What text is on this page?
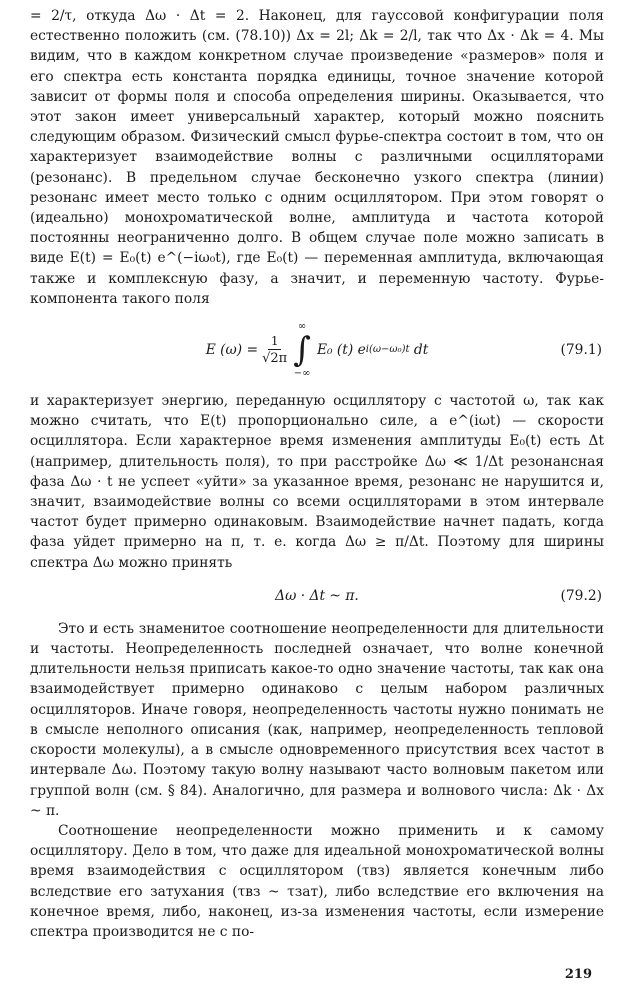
= 2/τ, откуда Δω · Δt = 2. Наконец, для гауссовой конфигурации поля естественно положить (см. (78.10)) Δx = 2l; Δk = 2/l, так что Δx · Δk = 4. Мы видим, что в каждом конкретном случае произведение «размеров» поля и его спектра есть константа порядка единицы, точное значение которой зависит от формы поля и способа определения ширины. Оказывается, что этот закон имеет универсальный характер, который можно пояснить следующим образом. Физический смысл фурье-спектра состоит в том, что он характеризует взаимодействие волны с различными осцилляторами (резонанс). В предельном случае бесконечно узкого спектра (линии) резонанс имеет место только с одним осциллятором. При этом говорят о (идеально) монохроматической волне, амплитуда и частота которой постоянны неограниченно долго. В общем случае поле можно записать в виде E(t) = E₀(t) e^(−iω₀t), где E₀(t) — переменная амплитуда, включающая также и комплексную фазу, а значит, и переменную частоту. Фурье-компонента такого поля

E $(\omega) = \frac{1}{√2\pi}$
∞
∫
−∞
E₀ (t) e i(ω−ω₀)t
dt	(79.1)

и характеризует энергию, переданную осциллятору с частотой ω, так как можно считать, что E(t) пропорционально силе, а e^(iωt) — скорости осциллятора. Если характерное время изменения амплитуды E₀(t) есть Δt (например, длительность поля), то при расстройке Δω ≪ 1/Δt резонансная фаза Δω · t не успеет «уйти» за указанное время, резонанс не нарушится и, значит, взаимодействие волны со всеми осцилляторами в этом интервале частот будет примерно одинаковым. Взаимодействие начнет падать, когда фаза уйдет примерно на π, т. е. когда Δω ≥ π/Δt. Поэтому для ширины спектра Δω можно принять

Δω · Δt ~ π.	(79.2)

Это и есть знаменитое соотношение неопределенности для длительности и частоты. Неопределенность последней означает, что волне конечной длительности нельзя приписать какое-то одно значение частоты, так как она взаимодействует примерно одинаково с целым набором различных осцилляторов. Иначе говоря, неопределенность частоты нужно понимать не в смысле неполного описания (как, например, неопределенность тепловой скорости молекулы), а в смысле одновременного присутствия всех частот в интервале Δω. Поэтому такую волну называют часто волновым пакетом или группой волн (см. § 84). Аналогично, для размера и волнового числа: Δk · Δx ~ π.

Соотношение неопределенности можно применить и к самому осциллятору. Дело в том, что даже для идеальной монохроматической волны время взаимодействия с осциллятором (τвз) является конечным либо вследствие его затухания (τвз ~ τзат), либо вследствие его включения на конечное время, либо, наконец, из-за изменения частоты, если измерение спектра производится не с по-

219
